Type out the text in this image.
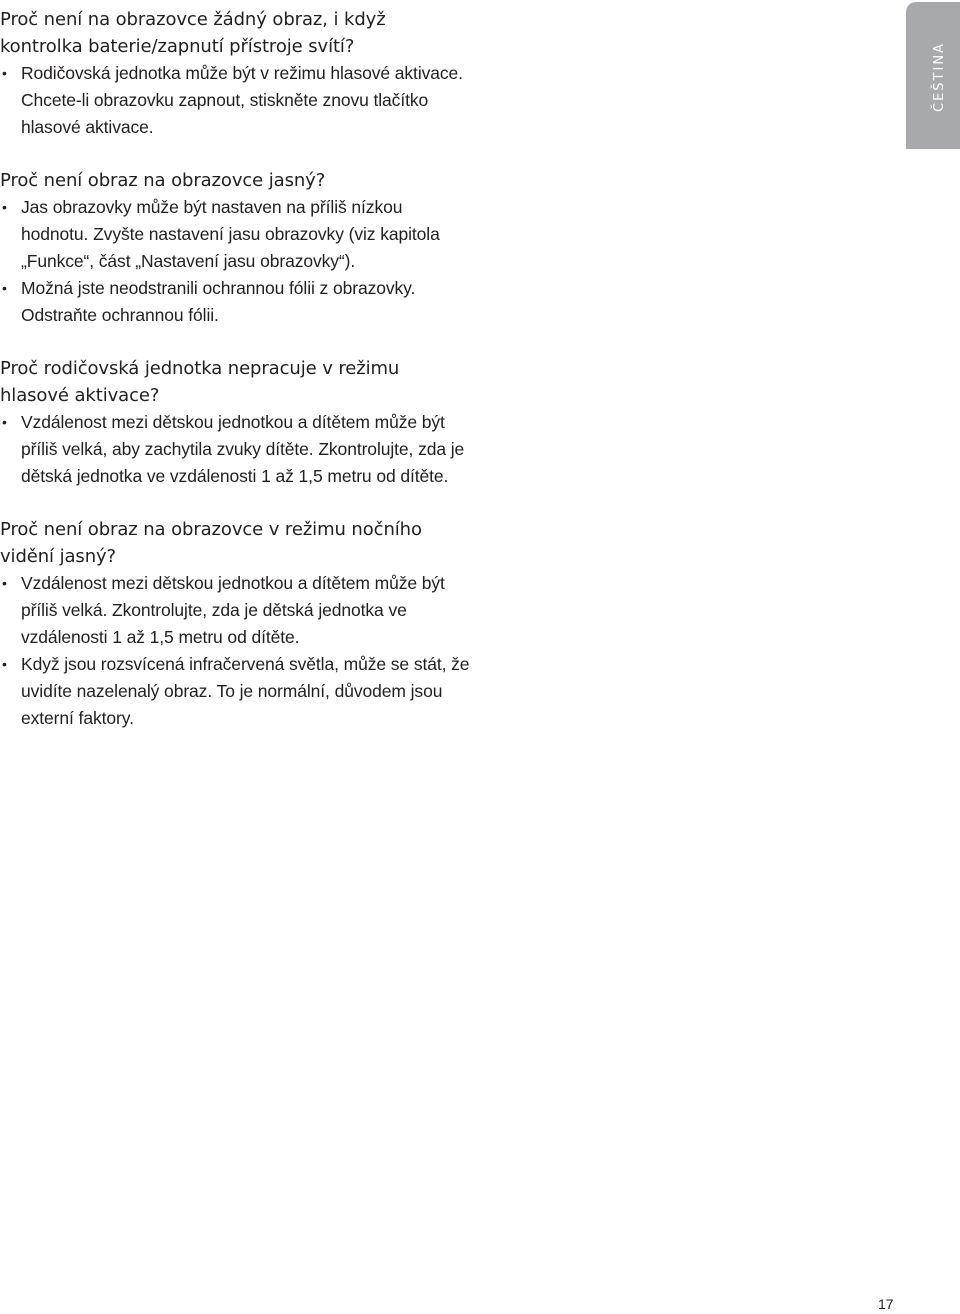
Proč není na obrazovce žádný obraz, i když kontrolka baterie/zapnutí přístroje svítí?

• Rodičovská jednotka může být v režimu hlasové aktivace. Chcete-li obrazovku zapnout, stiskněte znovu tlačítko hlasové aktivace.

Proč není obraz na obrazovce jasný?

• Jas obrazovky může být nastaven na příliš nízkou hodnotu. Zvyšte nastavení jasu obrazovky (viz kapitola „Funkce“, část „Nastavení jasu obrazovky“).
• Možná jste neodstranili ochrannou fólii z obrazovky. Odstraňte ochrannou fólii.

Proč rodičovská jednotka nepracuje v režimu hlasové aktivace?

• Vzdálenost mezi dětskou jednotkou a dítětem může být příliš velká, aby zachytila zvuky dítěte. Zkontrolujte, zda je dětská jednotka ve vzdálenosti 1 až 1,5 metru od dítěte.

Proč není obraz na obrazovce v režimu nočního vidění jasný?

• Vzdálenost mezi dětskou jednotkou a dítětem může být příliš velká. Zkontrolujte, zda je dětská jednotka ve vzdálenosti 1 až 1,5 metru od dítěte.
• Když jsou rozsvícená infračervená světla, může se stát, že uvidíte nazelenalý obraz. To je normální, důvodem jsou externí faktory.
ČEŠTINA
17
